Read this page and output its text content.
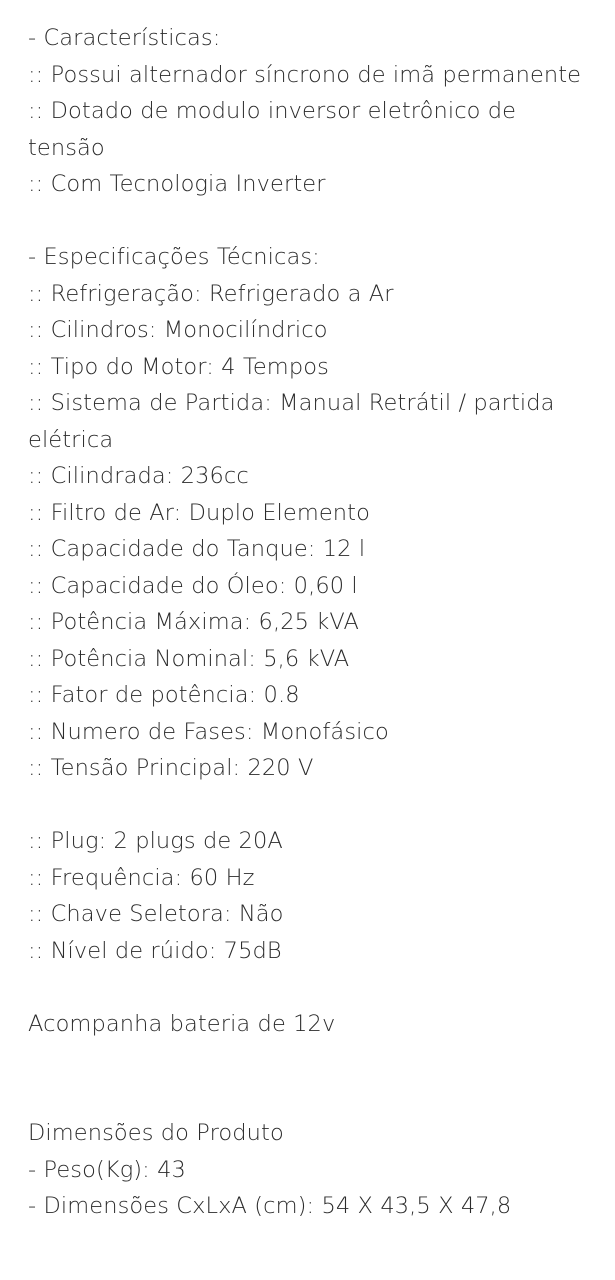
- Características:
:: Possui alternador síncrono de imã permanente
:: Dotado de modulo inversor eletrônico de tensão
:: Com Tecnologia Inverter
- Especificações Técnicas:
:: Refrigeração: Refrigerado a Ar
:: Cilindros: Monocilíndrico
:: Tipo do Motor: 4 Tempos
:: Sistema de Partida: Manual Retrátil / partida elétrica
:: Cilindrada: 236cc
:: Filtro de Ar: Duplo Elemento
:: Capacidade do Tanque: 12 l
:: Capacidade do Óleo: 0,60 l
:: Potência Máxima: 6,25 kVA
:: Potência Nominal: 5,6 kVA
:: Fator de potência: 0.8
:: Numero de Fases: Monofásico
:: Tensão Principal: 220 V
:: Plug: 2 plugs de 20A
:: Frequência: 60 Hz
:: Chave Seletora: Não
:: Nível de rúido: 75dB
Acompanha bateria de 12v
Dimensões do Produto
- Peso(Kg): 43
- Dimensões CxLxA (cm): 54 X 43,5 X 47,8
